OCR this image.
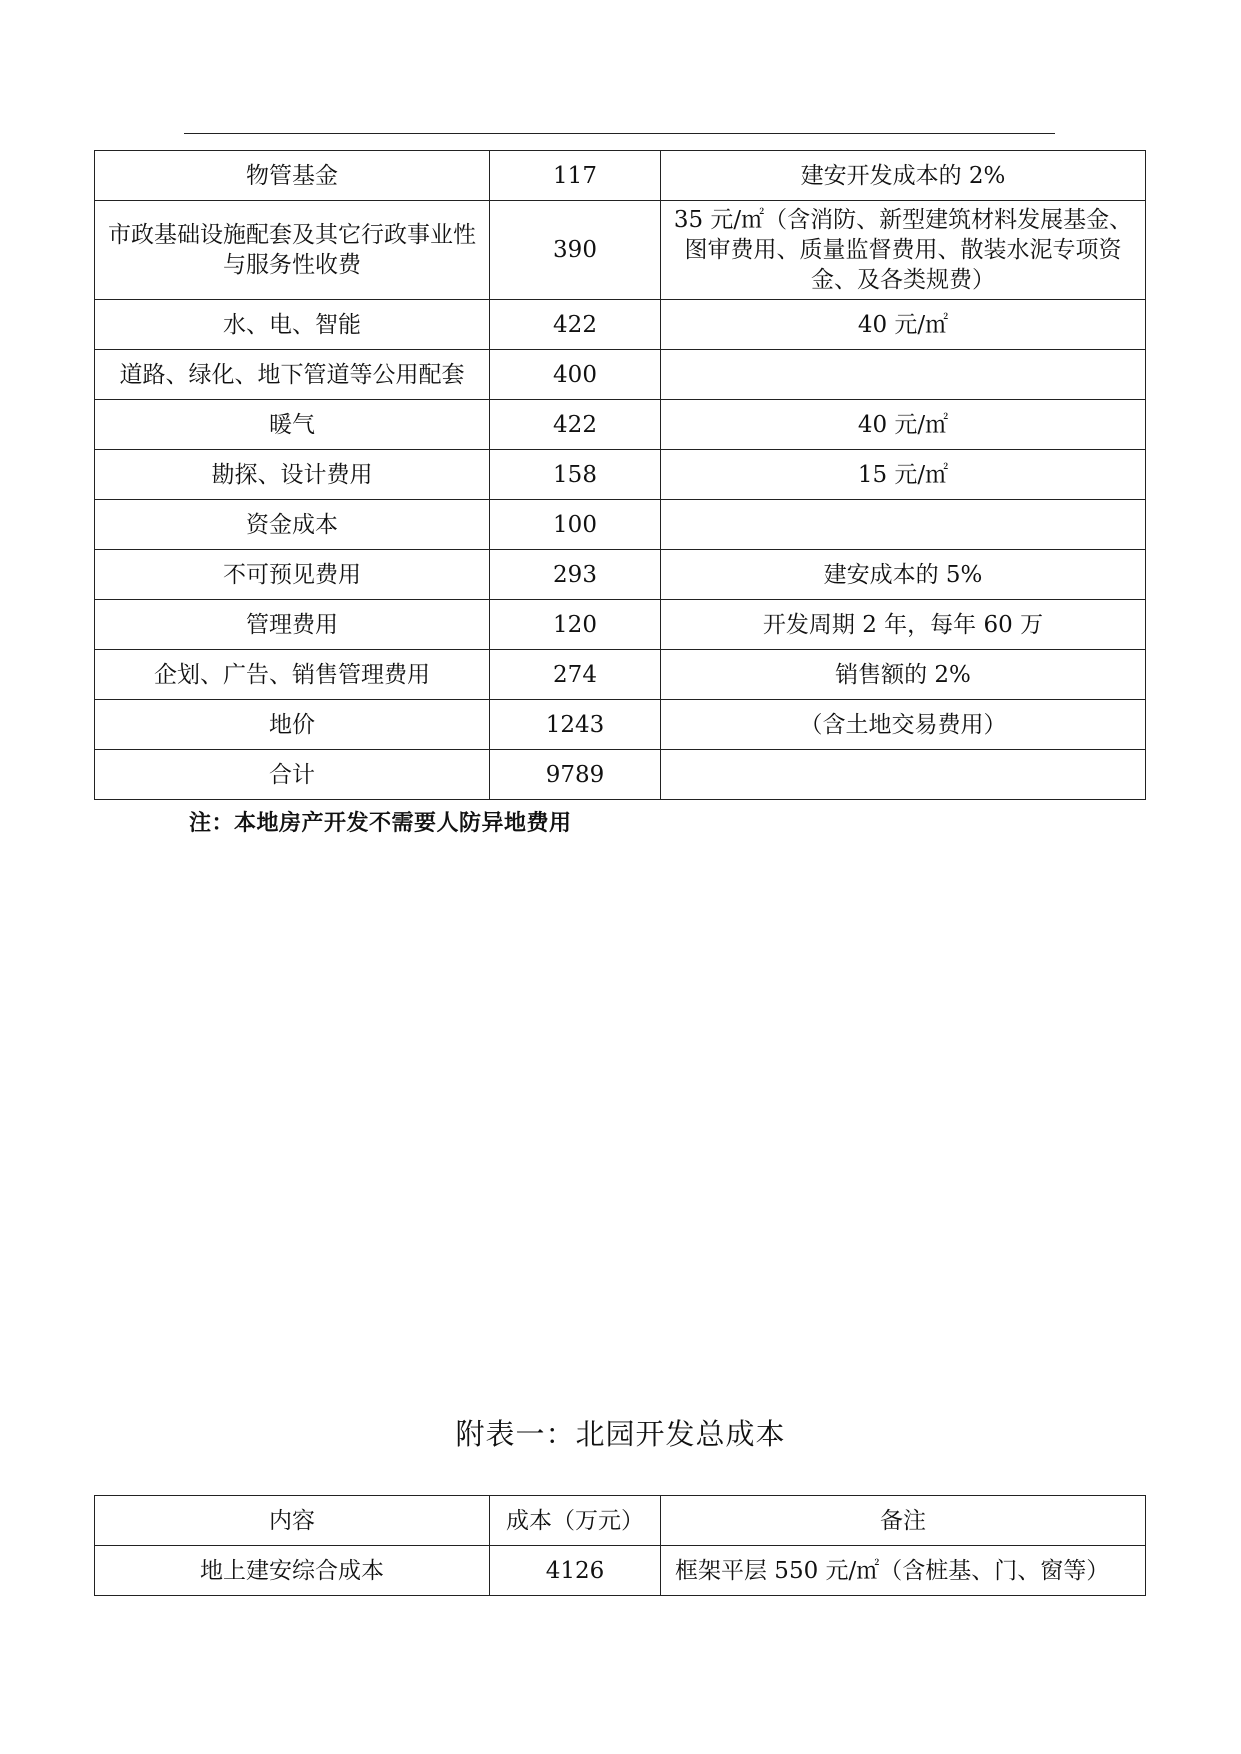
物管基金	117	建安开发成本的 2%
市政基础设施配套及其它行政事业性与服务性收费	390	35 元/㎡（含消防、新型建筑材料发展基金、图审费用、质量监督费用、散装水泥专项资金、及各类规费）
水、电、智能	422	40 元/㎡
道路、绿化、地下管道等公用配套	400	
暖气	422	40 元/㎡
勘探、设计费用	158	15 元/㎡
资金成本	100	
不可预见费用	293	建安成本的 5%
管理费用	120	开发周期 2 年，每年 60 万
企划、广告、销售管理费用	274	销售额的 2%
地价	1243	（含土地交易费用）
合计	9789	
注：本地房产开发不需要人防异地费用
附表一：北园开发总成本
内容	成本（万元）	备注
地上建安综合成本	4126	框架平层 550 元/㎡（含桩基、门、窗等）
